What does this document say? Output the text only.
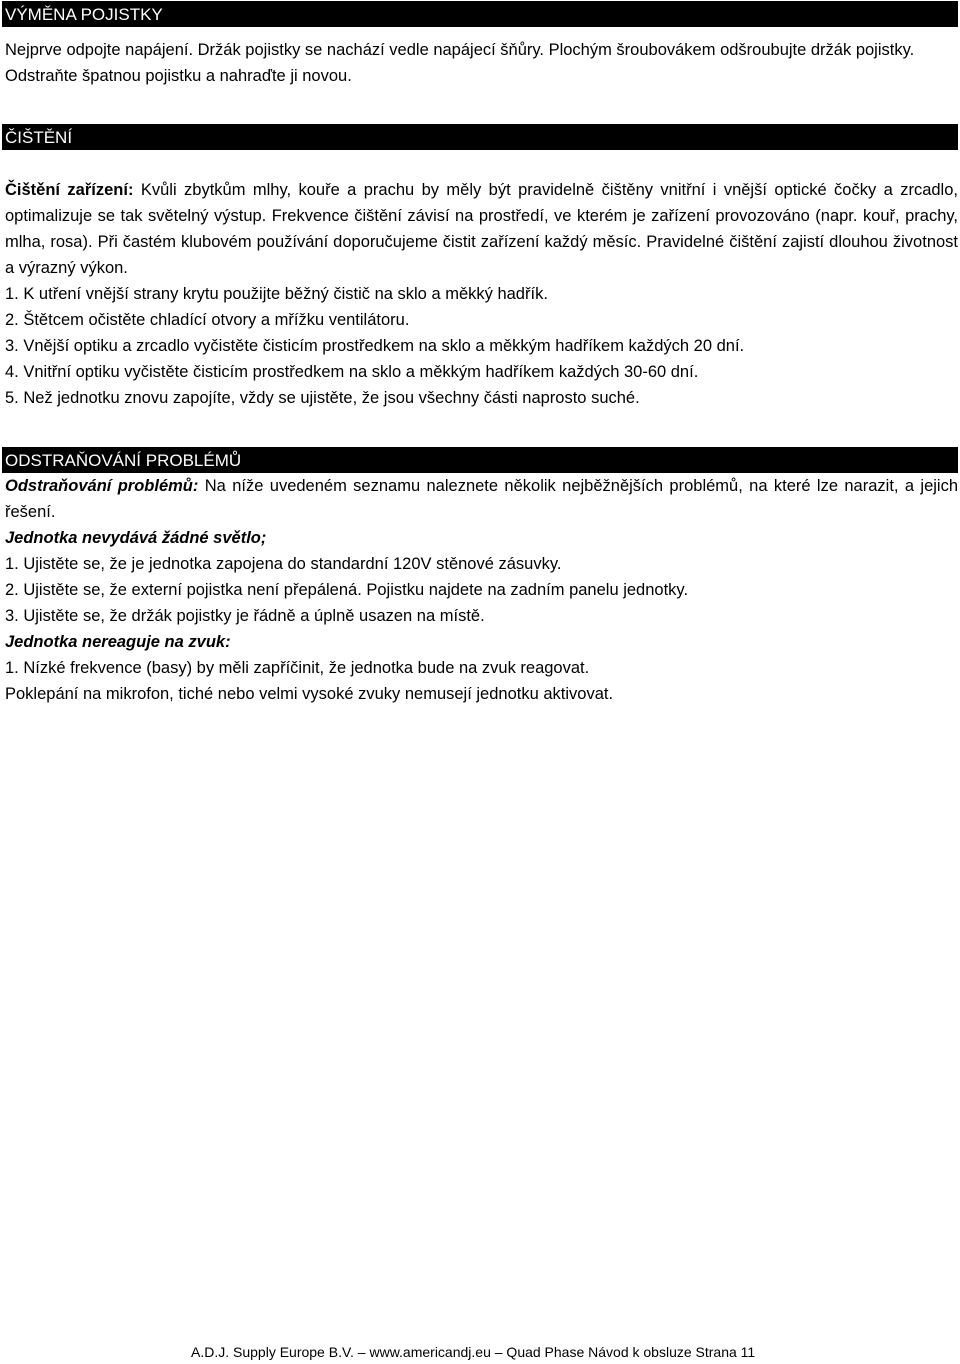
VÝMĚNA POJISTKY
Nejprve odpojte napájení. Držák pojistky se nachází vedle napájecí šňůry. Plochým šroubovákem odšroubujte držák pojistky. Odstraňte špatnou pojistku a nahraďte ji novou.
ČIŠTĚNÍ
Čištění zařízení: Kvůli zbytkům mlhy, kouře a prachu by měly být pravidelně čištěny vnitřní i vnější optické čočky a zrcadlo, optimalizuje se tak světelný výstup. Frekvence čištění závisí na prostředí, ve kterém je zařízení provozováno (napr. kouř, prachy, mlha, rosa). Při častém klubovém používání doporučujeme čistit zařízení každý měsíc. Pravidelné čištění zajistí dlouhou životnost a výrazný výkon.
1. K utření vnější strany krytu použijte běžný čistič na sklo a měkký hadřík.
2. Štětcem očistěte chladící otvory a mřížku ventilátoru.
3. Vnější optiku a zrcadlo vyčistěte čisticím prostředkem na sklo a měkkým hadříkem každých 20 dní.
4. Vnitřní optiku vyčistěte čisticím prostředkem na sklo a měkkým hadříkem každých 30-60 dní.
5. Než jednotku znovu zapojíte, vždy se ujistěte, že jsou všechny části naprosto suché.
ODSTRAŇOVÁNÍ PROBLÉMŮ
Odstraňování problémů: Na níže uvedeném seznamu naleznete několik nejběžnějších problémů, na které lze narazit, a jejich řešení.
Jednotka nevydává žádné světlo;
1. Ujistěte se, že je jednotka zapojena do standardní 120V stěnové zásuvky.
2. Ujistěte se, že externí pojistka není přepálená. Pojistku najdete na zadním panelu jednotky.
3. Ujistěte se, že držák pojistky je řádně a úplně usazen na místě.
Jednotka nereaguje na zvuk:
1. Nízké frekvence (basy) by měli zapříčinit, že jednotka bude na zvuk reagovat.
Poklepání na mikrofon, tiché nebo velmi vysoké zvuky nemusejí jednotku aktivovat.
A.D.J. Supply Europe B.V. – www.americandj.eu – Quad Phase Návod k obsluze Strana 11
